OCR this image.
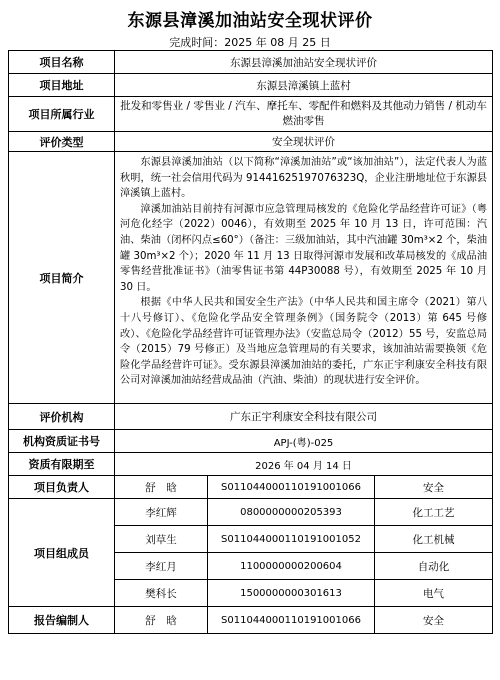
东源县漳溪加油站安全现状评价
完成时间：2025 年 08 月 25 日
项目名称	东源县漳溪加油站安全现状评价		
项目地址	东源县漳溪镇上蓝村		
项目所属行业	批发和零售业 / 零售业 / 汽车、摩托车、零配件和燃料及其他动力销售 / 机动车燃油零售		
评价类型	安全现状评价		
项目简介	东源县漳溪加油站（以下简称“漳溪加油站”或“该加油站”），法定代表人为蓝秋明，统一社会信用代码为 91441625197076323Q，企业注册地址位于东源县漳溪镇上蓝村。

漳溪加油站目前持有河源市应急管理局核发的《危险化学品经营许可证》（粤河危化经字（2022）0046），有效期至 2025 年 10 月 13 日，许可范围：汽油、柴油（闭杯闪点≤60°）（备注：三级加油站，其中汽油罐 30m³×2 个，柴油罐 30m³×2 个）；2020 年 11 月 13 日取得河源市发展和改革局核发的《成品油零售经营批准证书》（油零售证书第 44P30088 号），有效期至 2025 年 10 月 30 日。

根据《中华人民共和国安全生产法》（中华人民共和国主席令（2021）第八十八号修订）、《危险化学品安全管理条例》（国务院令（2013）第 645 号修改）、《危险化学品经营许可证管理办法》（安监总局令（2012）55 号，安监总局令（2015）79 号修正）及当地应急管理局的有关要求，该加油站需要换领《危险化学品经营许可证》。受东源县漳溪加油站的委托，广东正宇利康安全科技有限公司对漳溪加油站经营成品油（汽油、柴油）的现状进行安全评价。		

评价机构	广东正宇利康安全科技有限公司		
机构资质证书号	APJ-(粤)-025		
资质有限期至	2026 年 04 月 14 日		
项目负责人	舒　晗	S011044000110191001066	安全
项目组成员	李红辉	0800000000205393	化工工艺
	刘草生	S011044000110191001052	化工机械
	李红月	1100000000200604	自动化
	樊科长	1500000000301613	电气
报告编制人	舒　晗	S011044000110191001066	安全
